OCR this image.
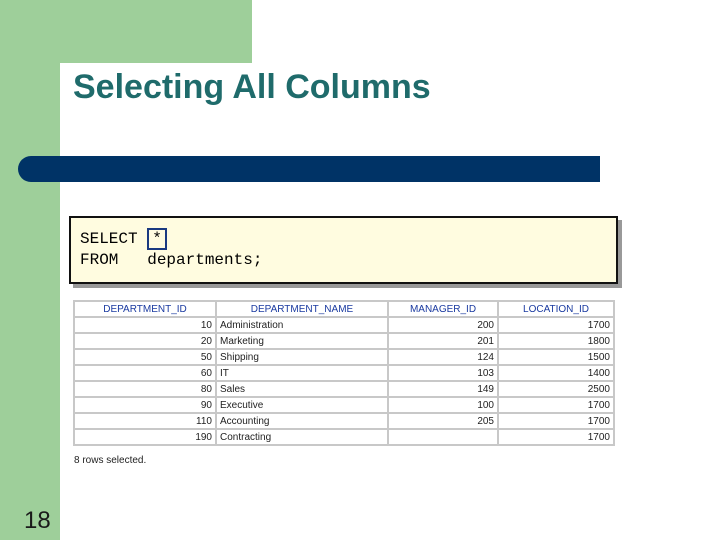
Selecting All Columns
SELECT *
FROM departments;
DEPARTMENT_ID	DEPARTMENT_NAME	MANAGER_ID	LOCATION_ID
10	Administration	200	1700
20	Marketing	201	1800
50	Shipping	124	1500
60	IT	103	1400
80	Sales	149	2500
90	Executive	100	1700
110	Accounting	205	1700
190	Contracting		1700
8 rows selected.
18
